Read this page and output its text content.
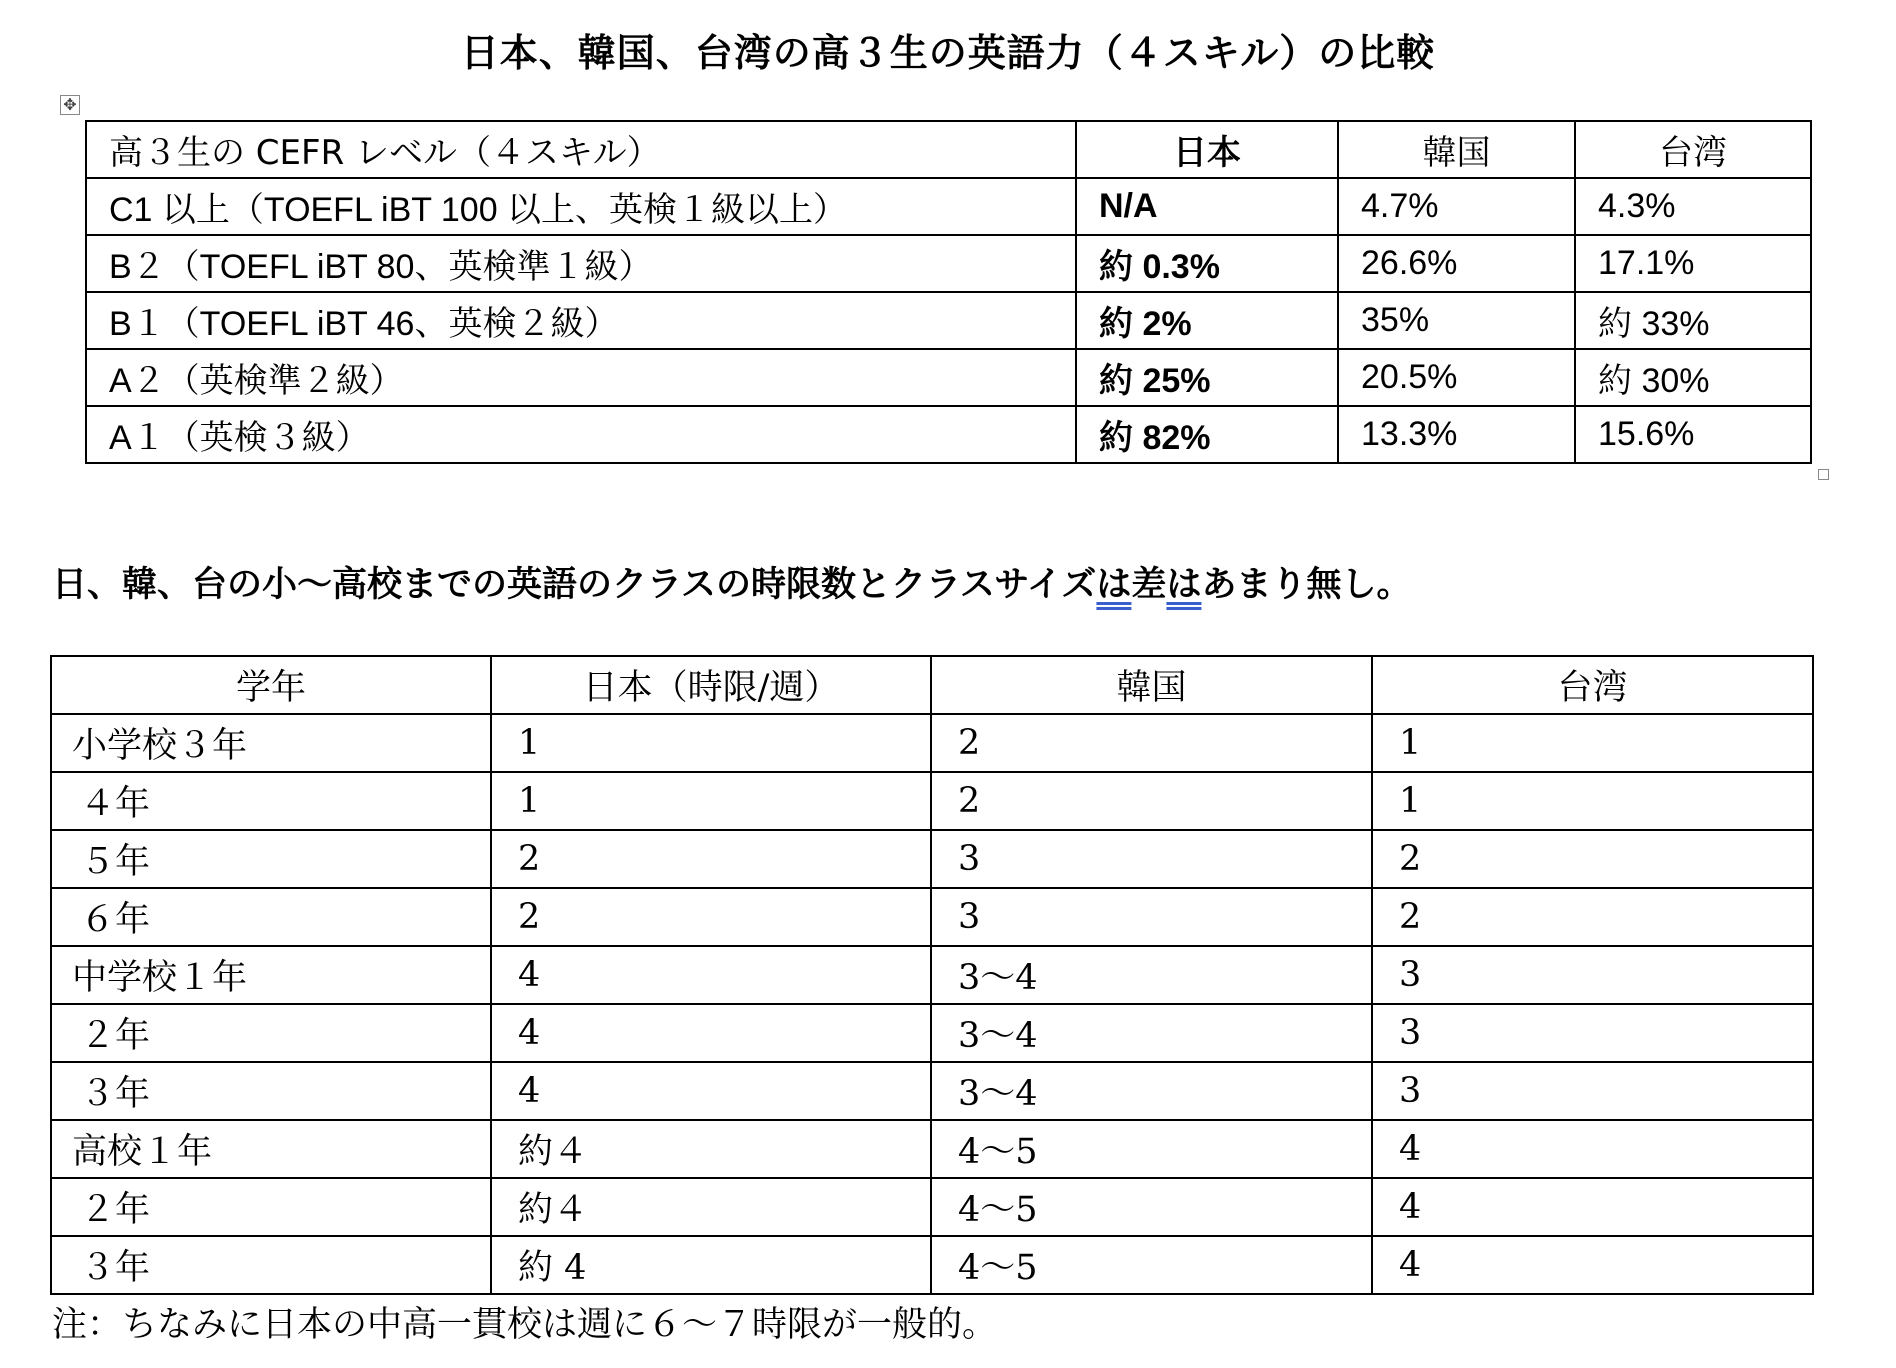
日本、韓国、台湾の高３生の英語力（４スキル）の比較
✥
高３生の CEFR レベル（４スキル）	日本	韓国	台湾
C1 以上（TOEFL iBT 100 以上、英検１級以上）	N/A	4.7%	4.3%
B２（TOEFL iBT 80、英検準１級）	約 0.3%	26.6%	17.1%
B１（TOEFL iBT 46、英検２級）	約 2%	35%	約 33%
A２（英検準２級）	約 25%	20.5%	約 30%
A１（英検３級）	約 82%	13.3%	15.6%
日、韓、台の小～高校までの英語のクラスの時限数とクラスサイズは差はあまり無し。
学年	日本（時限/週）	韓国	台湾
小学校３年	1	2	1
４年	1	2	1
５年	2	3	2
６年	2	3	2
中学校１年	4	3～4	3
２年	4	3～4	3
３年	4	3～4	3
高校１年	約４	4～5	4
２年	約４	4～5	4
３年	約 4	4～5	4
注：ちなみに日本の中高一貫校は週に６～７時限が一般的。
